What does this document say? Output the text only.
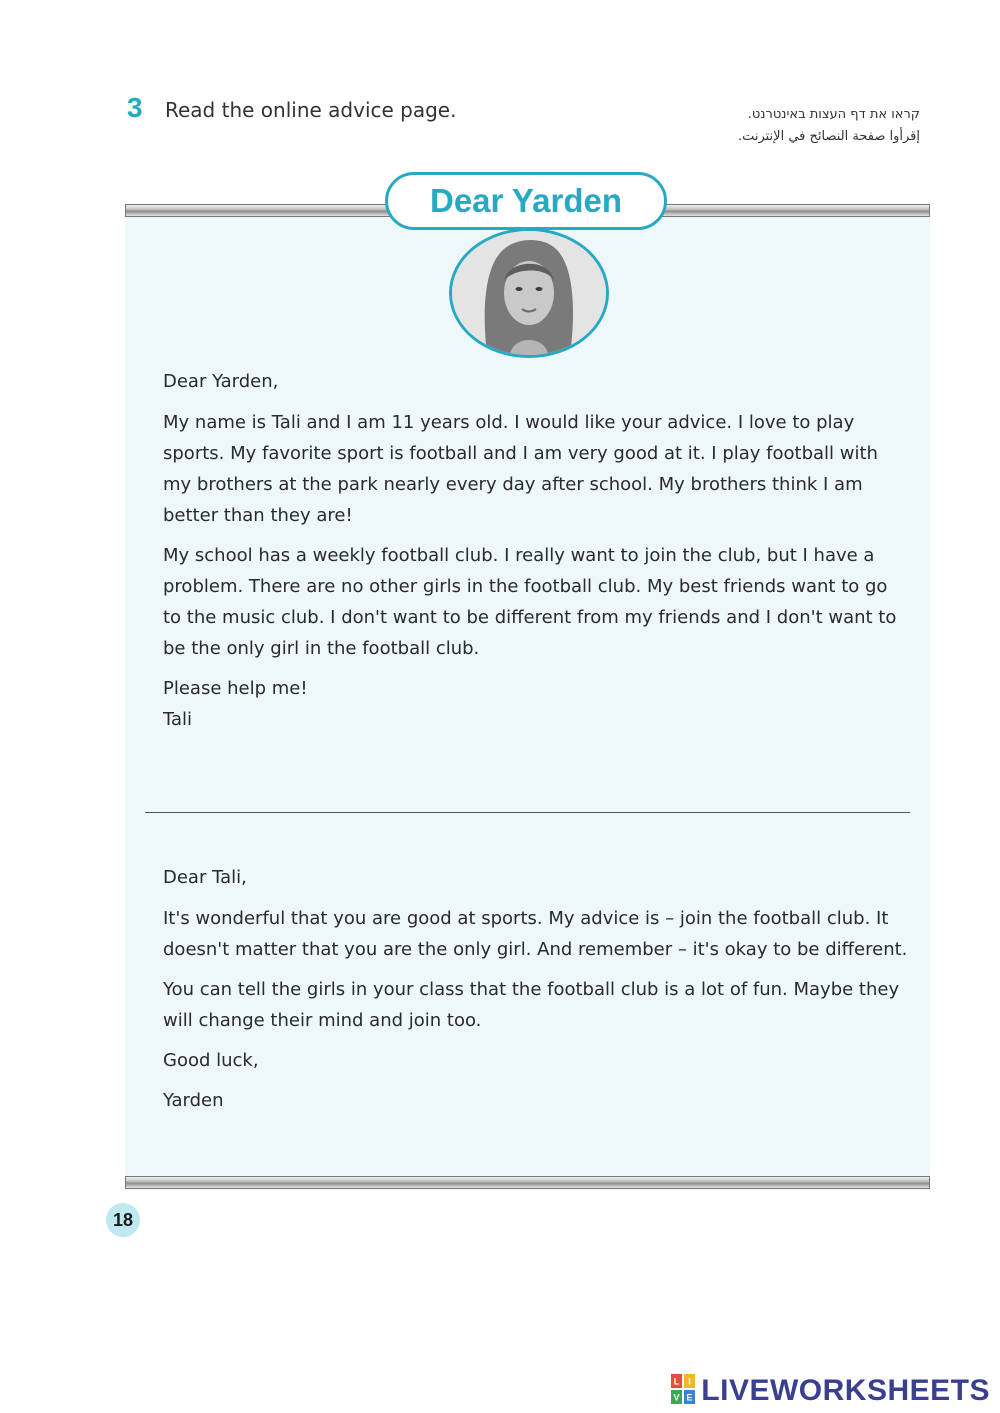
3 Read the online advice page.	קראו את דף העצות באינטרנט.
إقرأوا صفحة النصائح في الإنترنت.
Dear Yarden

Dear Yarden,

My name is Tali and I am 11 years old. I would like your advice. I love to play sports. My favorite sport is football and I am very good at it. I play football with my brothers at the park nearly every day after school. My brothers think I am better than they are!

My school has a weekly football club. I really want to join the club, but I have a problem. There are no other girls in the football club. My best friends want to go to the music club. I don't want to be different from my friends and I don't want to be the only girl in the football club.

Please help me!

Tali

Dear Tali,

It's wonderful that you are good at sports. My advice is – join the football club. It doesn't matter that you are the only girl. And remember – it's okay to be different.

You can tell the girls in your class that the football club is a lot of fun. Maybe they will change their mind and join too.

Good luck,

Yarden

18
L I
V E LIVEWORKSHEETS
